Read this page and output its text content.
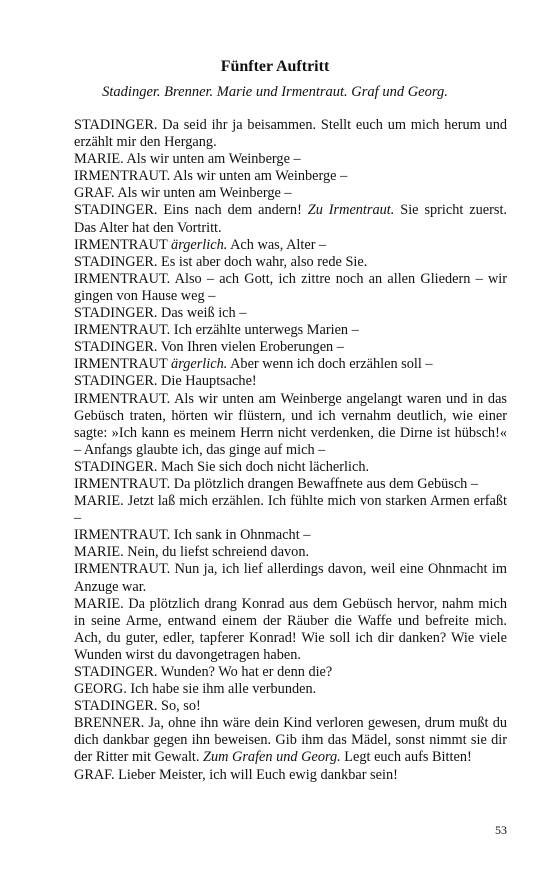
Fünfter Auftritt
Stadinger. Brenner. Marie und Irmentraut. Graf und Georg.

STADINGER. Da seid ihr ja beisammen. Stellt euch um mich herum und erzählt mir den Hergang.

MARIE. Als wir unten am Weinberge –

IRMENTRAUT. Als wir unten am Weinberge –

GRAF. Als wir unten am Weinberge –

STADINGER. Eins nach dem andern! Zu Irmentraut. Sie spricht zuerst. Das Alter hat den Vortritt.

IRMENTRAUT ärgerlich. Ach was, Alter –

STADINGER. Es ist aber doch wahr, also rede Sie.

IRMENTRAUT. Also – ach Gott, ich zittre noch an allen Gliedern – wir gingen von Hause weg –

STADINGER. Das weiß ich –

IRMENTRAUT. Ich erzählte unterwegs Marien –

STADINGER. Von Ihren vielen Eroberungen –

IRMENTRAUT ärgerlich. Aber wenn ich doch erzählen soll –

STADINGER. Die Hauptsache!

IRMENTRAUT. Als wir unten am Weinberge angelangt waren und in das Gebüsch traten, hörten wir flüstern, und ich vernahm deutlich, wie einer sagte: »Ich kann es meinem Herrn nicht verdenken, die Dirne ist hübsch!« – Anfangs glaubte ich, das ginge auf mich –

STADINGER. Mach Sie sich doch nicht lächerlich.

IRMENTRAUT. Da plötzlich drangen Bewaffnete aus dem Gebüsch –

MARIE. Jetzt laß mich erzählen. Ich fühlte mich von starken Armen erfaßt –

IRMENTRAUT. Ich sank in Ohnmacht –

MARIE. Nein, du liefst schreiend davon.

IRMENTRAUT. Nun ja, ich lief allerdings davon, weil eine Ohnmacht im Anzuge war.

MARIE. Da plötzlich drang Konrad aus dem Gebüsch hervor, nahm mich in seine Arme, entwand einem der Räuber die Waffe und befreite mich. Ach, du guter, edler, tapferer Konrad! Wie soll ich dir danken? Wie viele Wunden wirst du davongetragen haben.

STADINGER. Wunden? Wo hat er denn die?

GEORG. Ich habe sie ihm alle verbunden.

STADINGER. So, so!

BRENNER. Ja, ohne ihn wäre dein Kind verloren gewesen, drum mußt du dich dankbar gegen ihn beweisen. Gib ihm das Mädel, sonst nimmt sie dir der Ritter mit Gewalt. Zum Grafen und Georg. Legt euch aufs Bitten!

GRAF. Lieber Meister, ich will Euch ewig dankbar sein!

53
